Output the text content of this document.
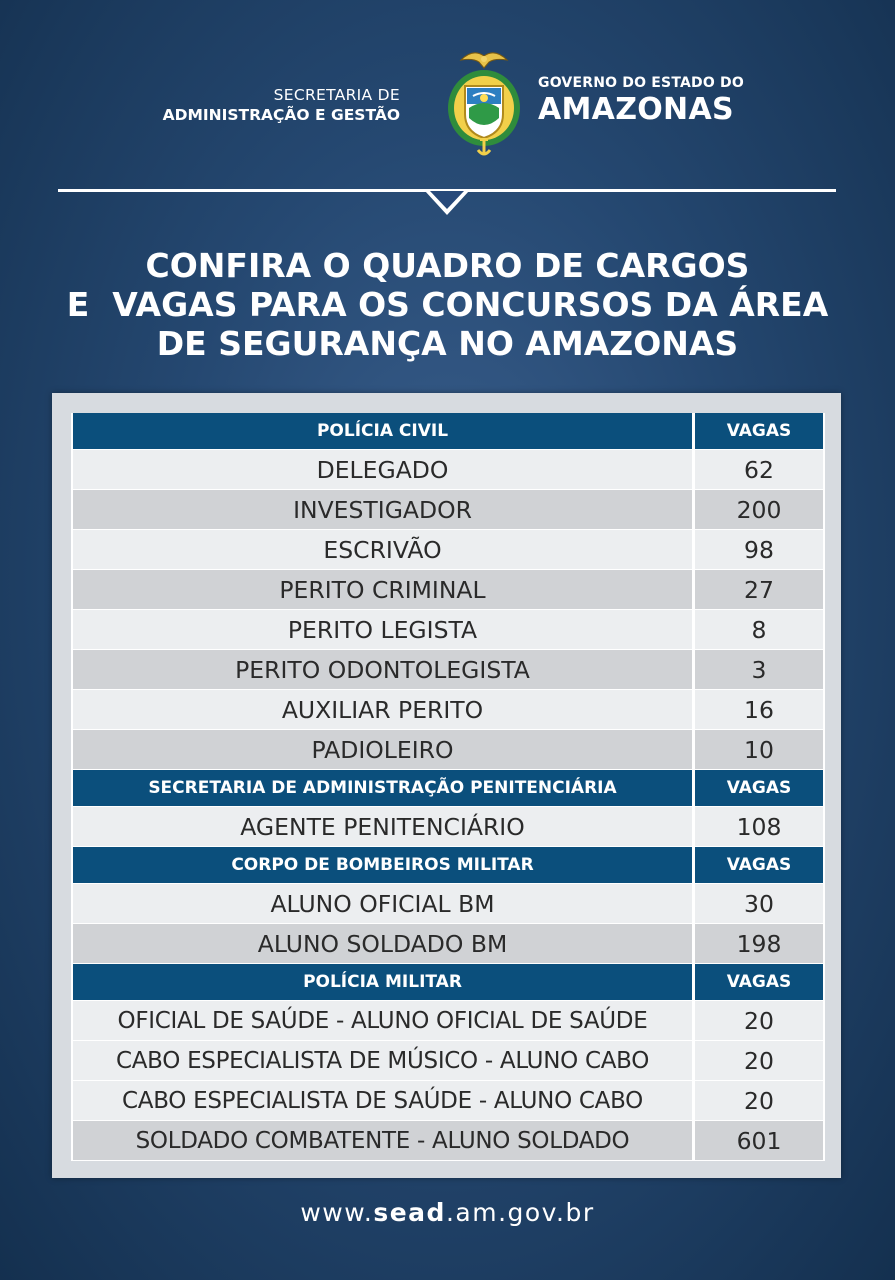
SECRETARIA DE
ADMINISTRAÇÃO E GESTÃO
GOVERNO DO ESTADO DO
AMAZONAS
CONFIRA O QUADRO DE CARGOS
E  VAGAS PARA OS CONCURSOS DA ÁREA
DE SEGURANÇA NO AMAZONAS
POLÍCIA CIVIL	VAGAS
DELEGADO	62
INVESTIGADOR	200
ESCRIVÃO	98
PERITO CRIMINAL	27
PERITO LEGISTA	8
PERITO ODONTOLEGISTA	3
AUXILIAR PERITO	16
PADIOLEIRO	10
SECRETARIA DE ADMINISTRAÇÃO PENITENCIÁRIA	VAGAS
AGENTE PENITENCIÁRIO	108
CORPO DE BOMBEIROS MILITAR	VAGAS
ALUNO OFICIAL BM	30
ALUNO SOLDADO BM	198
POLÍCIA MILITAR	VAGAS
OFICIAL DE SAÚDE - ALUNO OFICIAL DE SAÚDE	20
CABO ESPECIALISTA DE MÚSICO - ALUNO CABO	20
CABO ESPECIALISTA DE SAÚDE - ALUNO CABO	20
SOLDADO COMBATENTE - ALUNO SOLDADO	601
www.sead.am.gov.br
